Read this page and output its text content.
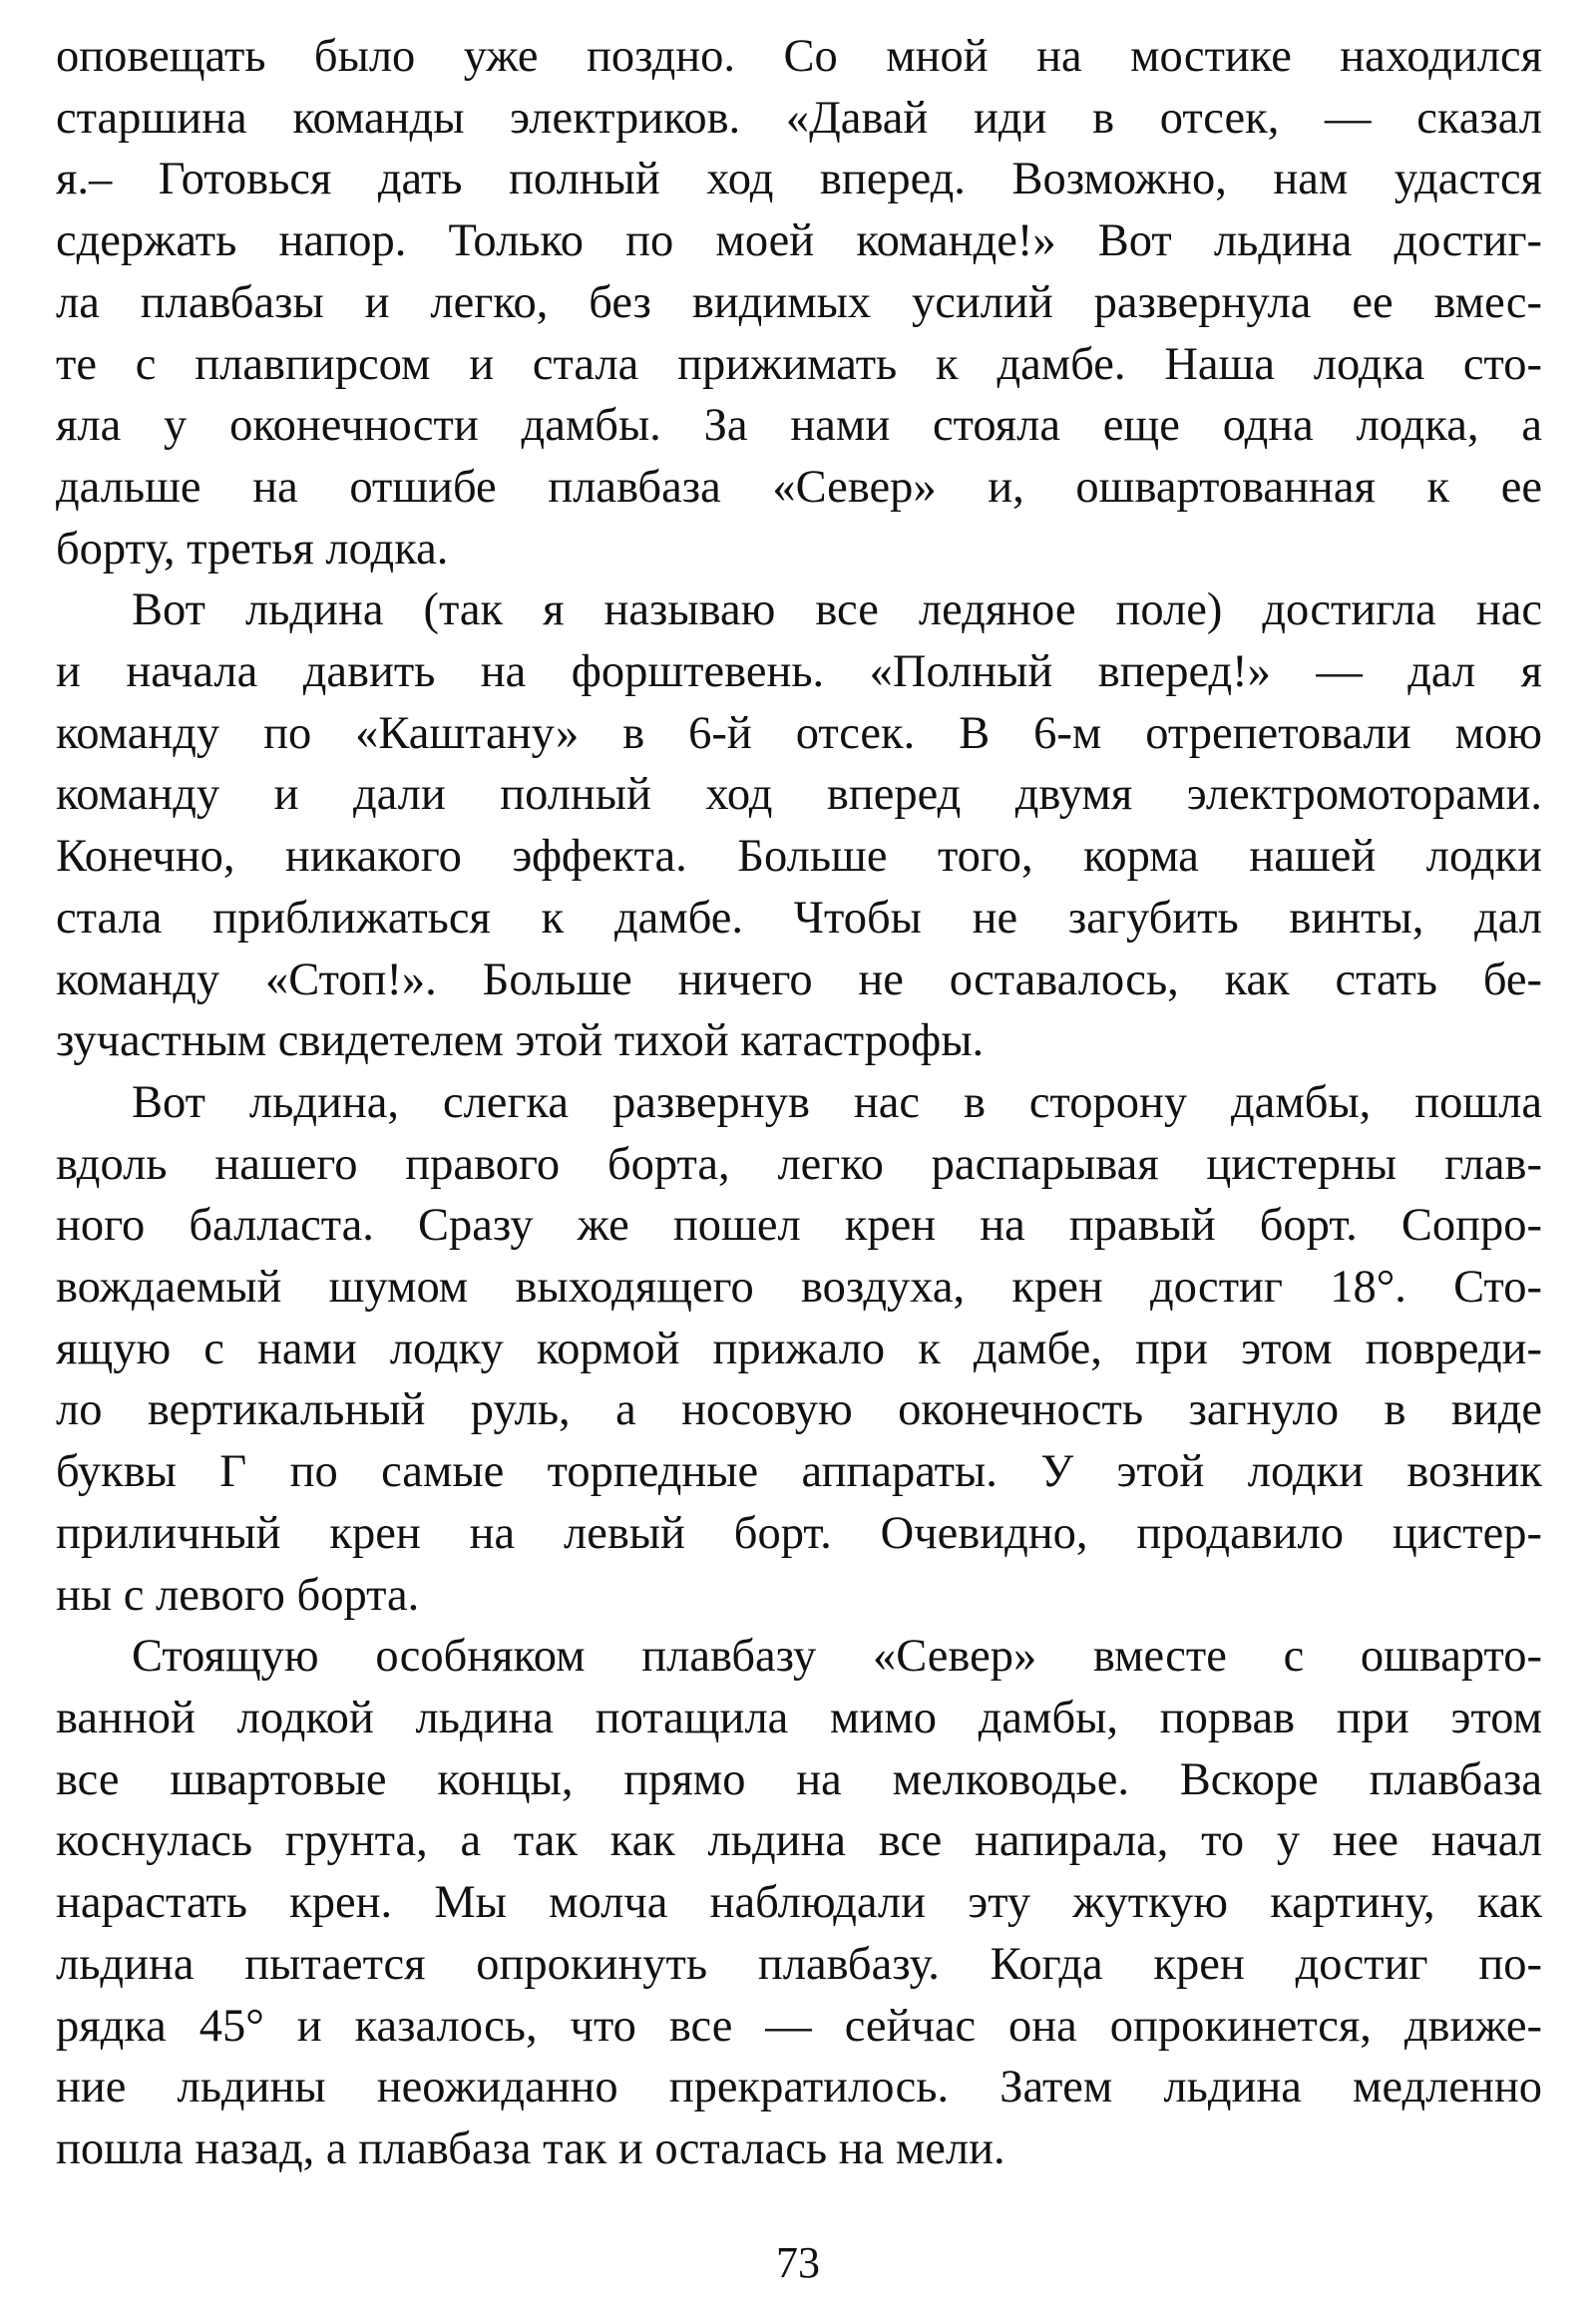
оповещать было уже поздно. Со мной на мостике находился
старшина команды электриков. «Давай иди в отсек, — сказал
я.– Готовься дать полный ход вперед. Возможно, нам удастся
сдержать напор. Только по моей команде!» Вот льдина достиг-
ла плавбазы и легко, без видимых усилий развернула ее вмес-
те с плавпирсом и стала прижимать к дамбе. Наша лодка сто-
яла у оконечности дамбы. За нами стояла еще одна лодка, а
дальше на отшибе плавбаза «Север» и, ошвартованная к ее
борту, третья лодка.

Вот льдина (так я называю все ледяное поле) достигла нас
и начала давить на форштевень. «Полный вперед!» — дал я
команду по «Каштану» в 6-й отсек. В 6-м отрепетовали мою
команду и дали полный ход вперед двумя электромоторами.
Конечно, никакого эффекта. Больше того, корма нашей лодки
стала приближаться к дамбе. Чтобы не загубить винты, дал
команду «Стоп!». Больше ничего не оставалось, как стать бе-
зучастным свидетелем этой тихой катастрофы.

Вот льдина, слегка развернув нас в сторону дамбы, пошла
вдоль нашего правого борта, легко распарывая цистерны глав-
ного балласта. Сразу же пошел крен на правый борт. Сопро-
вождаемый шумом выходящего воздуха, крен достиг 18°. Сто-
ящую с нами лодку кормой прижало к дамбе, при этом повреди-
ло вертикальный руль, а носовую оконечность загнуло в виде
буквы Г по самые торпедные аппараты. У этой лодки возник
приличный крен на левый борт. Очевидно, продавило цистер-
ны с левого борта.

Стоящую особняком плавбазу «Север» вместе с ошварто-
ванной лодкой льдина потащила мимо дамбы, порвав при этом
все швартовые концы, прямо на мелководье. Вскоре плавбаза
коснулась грунта, а так как льдина все напирала, то у нее начал
нарастать крен. Мы молча наблюдали эту жуткую картину, как
льдина пытается опрокинуть плавбазу. Когда крен достиг по-
рядка 45° и казалось, что все — сейчас она опрокинется, движе-
ние льдины неожиданно прекратилось. Затем льдина медленно
пошла назад, а плавбаза так и осталась на мели.

73
